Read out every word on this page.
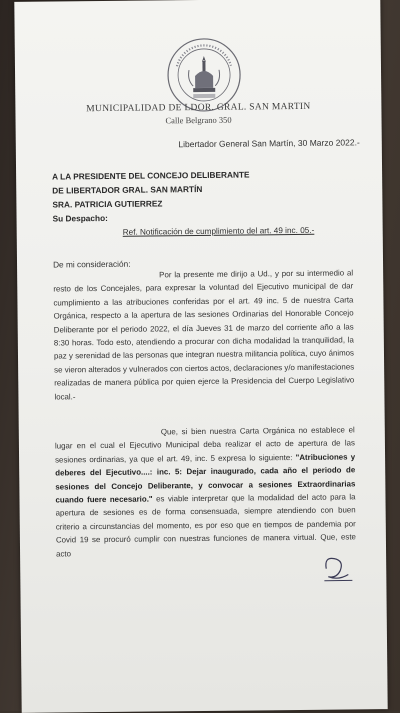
MUNICIPALIDAD DE LDOR. GRAL. SAN MARTIN
Calle Belgrano 350
Libertador General San Martín, 30 Marzo 2022.-
A LA PRESIDENTE DEL CONCEJO DELIBERANTE
DE LIBERTADOR GRAL. SAN MARTÍN
SRA. PATRICIA GUTIERREZ
Su Despacho:
Ref. Notificación de cumplimiento del art. 49 inc. 05.-
De mi consideración:
Por la presente me dirijo a Ud., y por su intermedio al resto de los Concejales, para expresar la voluntad del Ejecutivo municipal de dar cumplimiento a las atribuciones conferidas por el art. 49 inc. 5 de nuestra Carta Orgánica, respecto a la apertura de las sesiones Ordinarias del Honorable Concejo Deliberante por el periodo 2022, el día Jueves 31 de marzo del corriente año a las 8:30 horas. Todo esto, atendiendo a procurar con dicha modalidad la tranquilidad, la paz y serenidad de las personas que integran nuestra militancia política, cuyo ánimos se vieron alterados y vulnerados con ciertos actos, declaraciones y/o manifestaciones realizadas de manera pública por quien ejerce la Presidencia del Cuerpo Legislativo local.-
Que, si bien nuestra Carta Orgánica no establece el lugar en el cual el Ejecutivo Municipal deba realizar el acto de apertura de las sesiones ordinarias, ya que el art. 49, inc. 5 expresa lo siguiente: "Atribuciones y deberes del Ejecutivo....: inc. 5: Dejar inaugurado, cada año el periodo de sesiones del Concejo Deliberante, y convocar a sesiones Extraordinarias cuando fuere necesario." es viable interpretar que la modalidad del acto para la apertura de sesiones es de forma consensuada, siempre atendiendo con buen criterio a circunstancias del momento, es por eso que en tiempos de pandemia por Covid 19 se procuró cumplir con nuestras funciones de manera virtual. Que, este acto
